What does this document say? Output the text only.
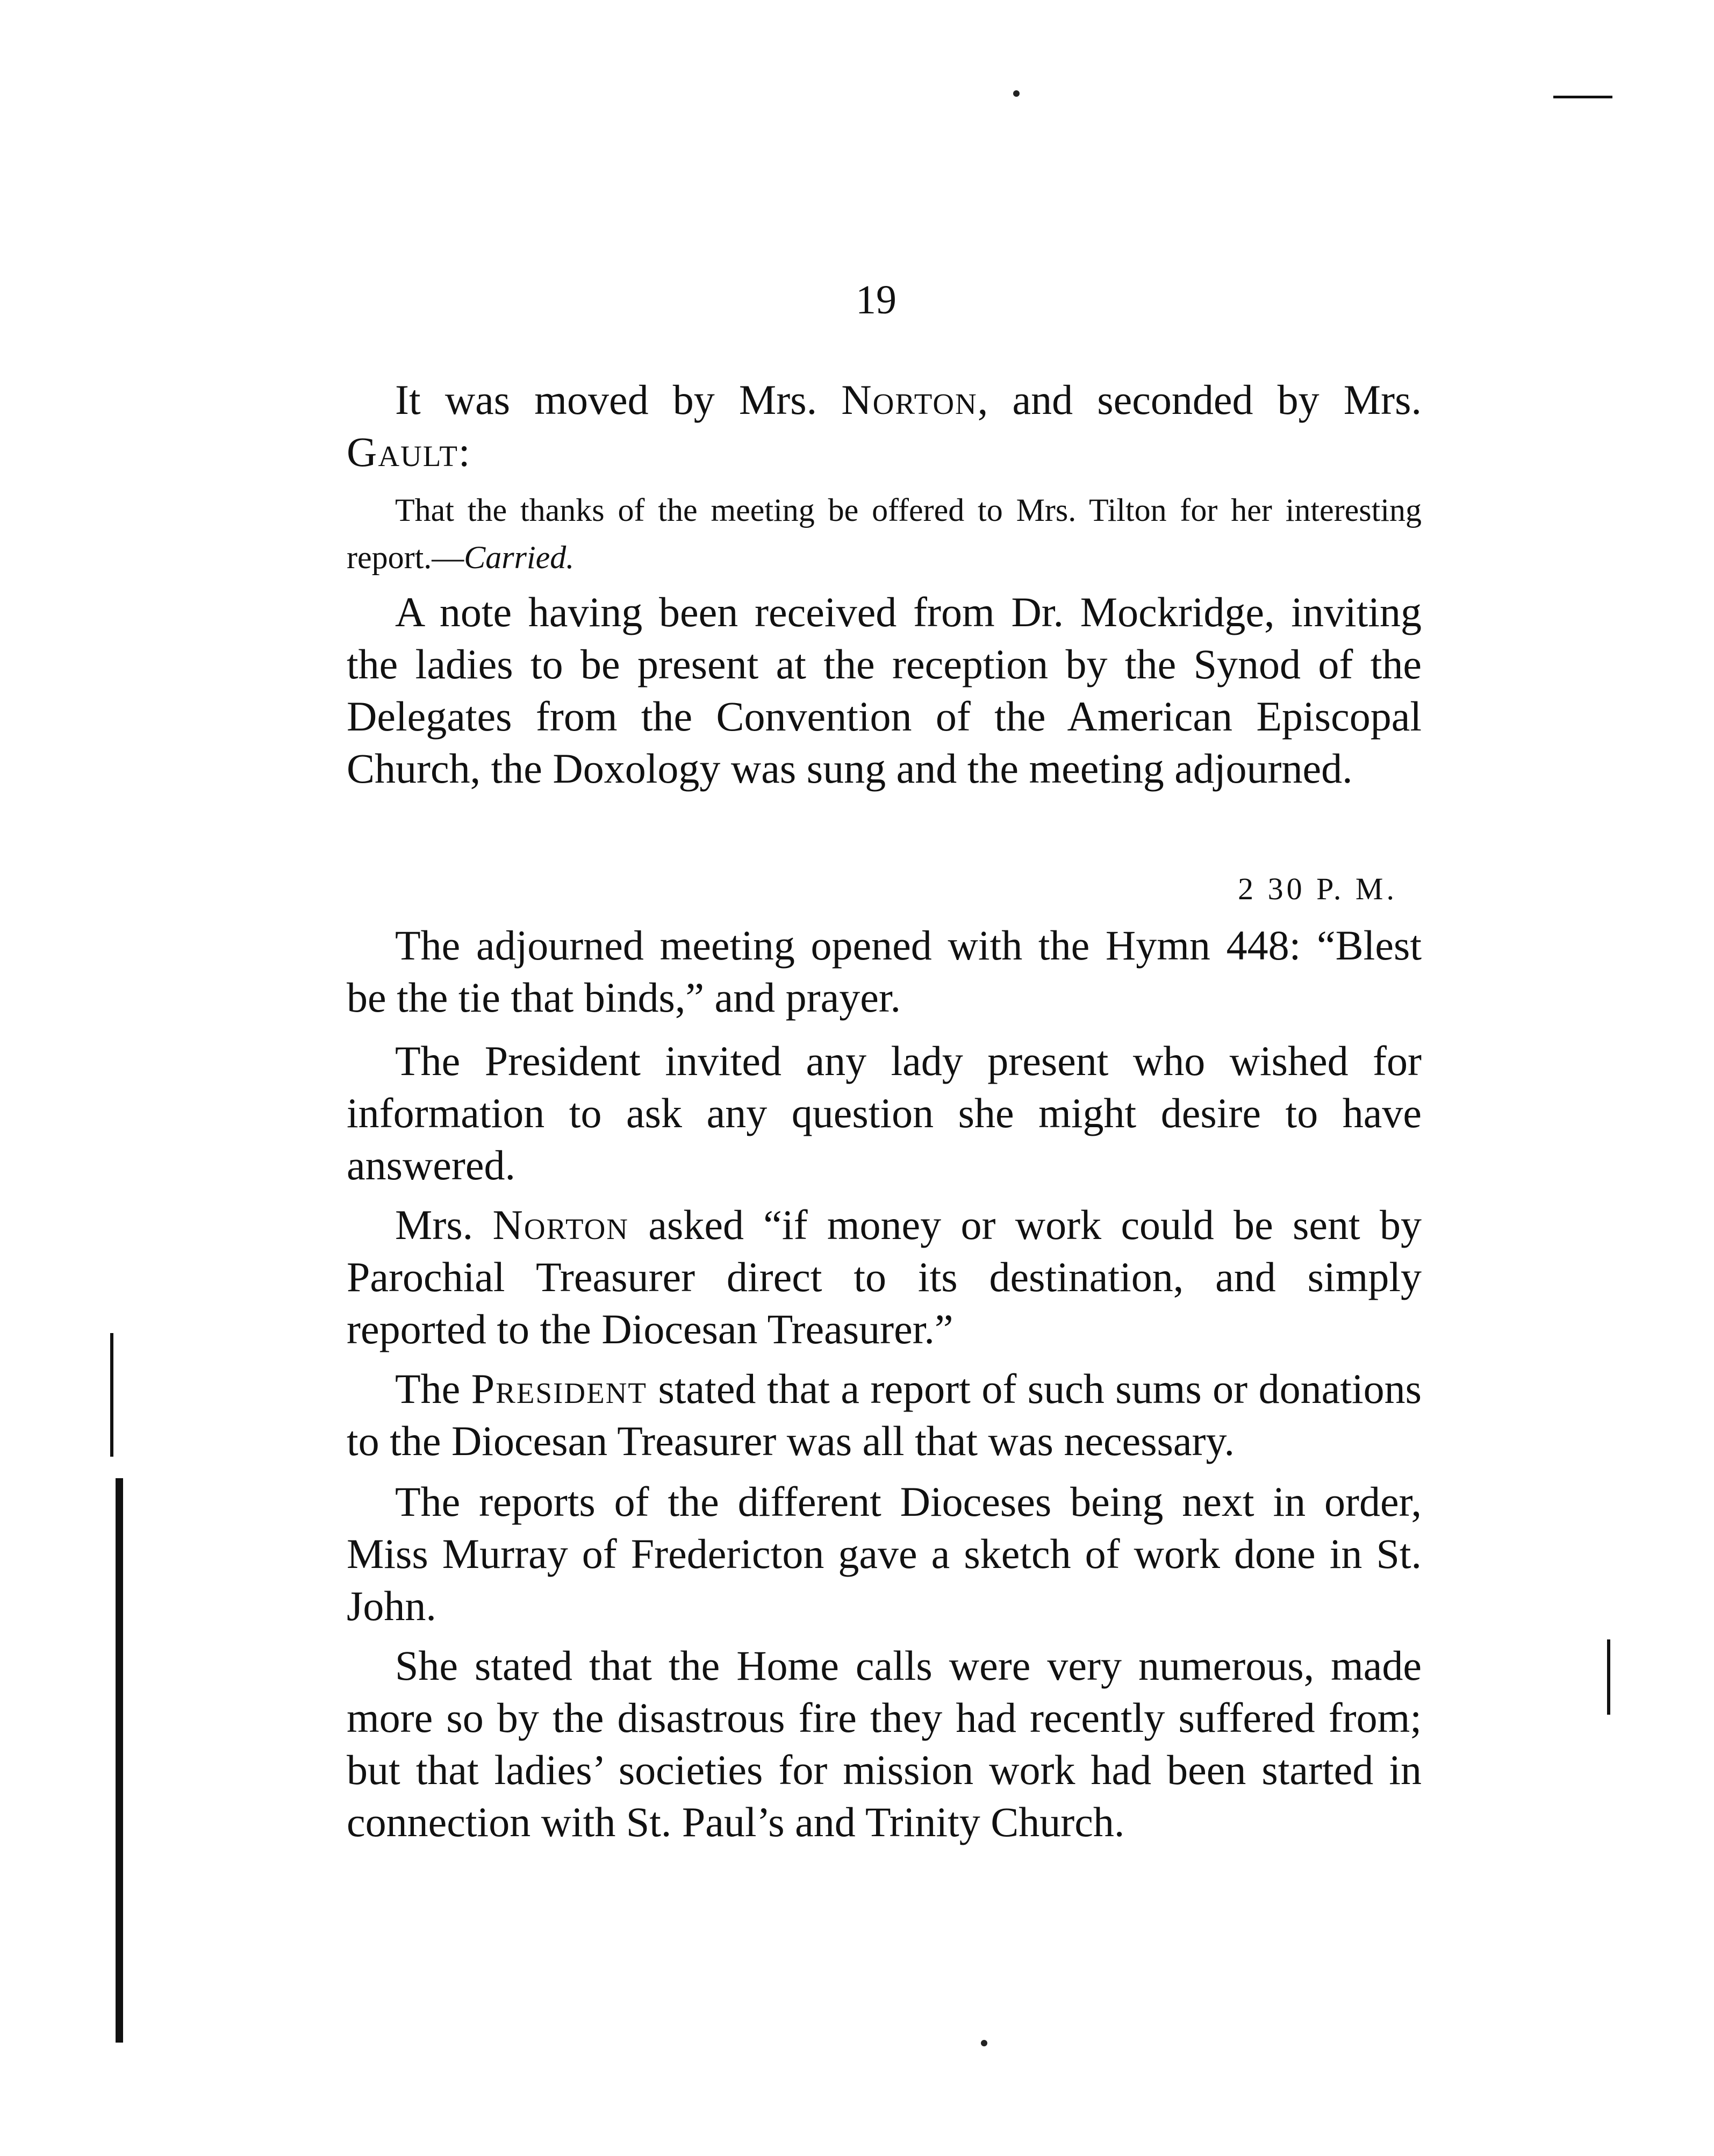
19

It was moved by Mrs. Norton, and seconded by Mrs. Gault:

That the thanks of the meeting be offered to Mrs. Tilton for her interesting report.—Carried.

A note having been received from Dr. Mockridge, inviting the ladies to be present at the reception by the Synod of the Delegates from the Convention of the American Episcopal Church, the Doxology was sung and the meeting adjourned.

2 30 P. M.

The adjourned meeting opened with the Hymn 448: “Blest be the tie that binds,” and prayer.

The President invited any lady present who wished for information to ask any question she might desire to have answered.

Mrs. Norton asked “if money or work could be sent by Parochial Treasurer direct to its destination, and simply reported to the Diocesan Treasurer.”

The President stated that a report of such sums or donations to the Diocesan Treasurer was all that was necessary.

The reports of the different Dioceses being next in order, Miss Murray of Fredericton gave a sketch of work done in St. John.

She stated that the Home calls were very numerous, made more so by the disastrous fire they had recently suffered from; but that ladies’ societies for mission work had been started in connection with St. Paul’s and Trinity Church.
